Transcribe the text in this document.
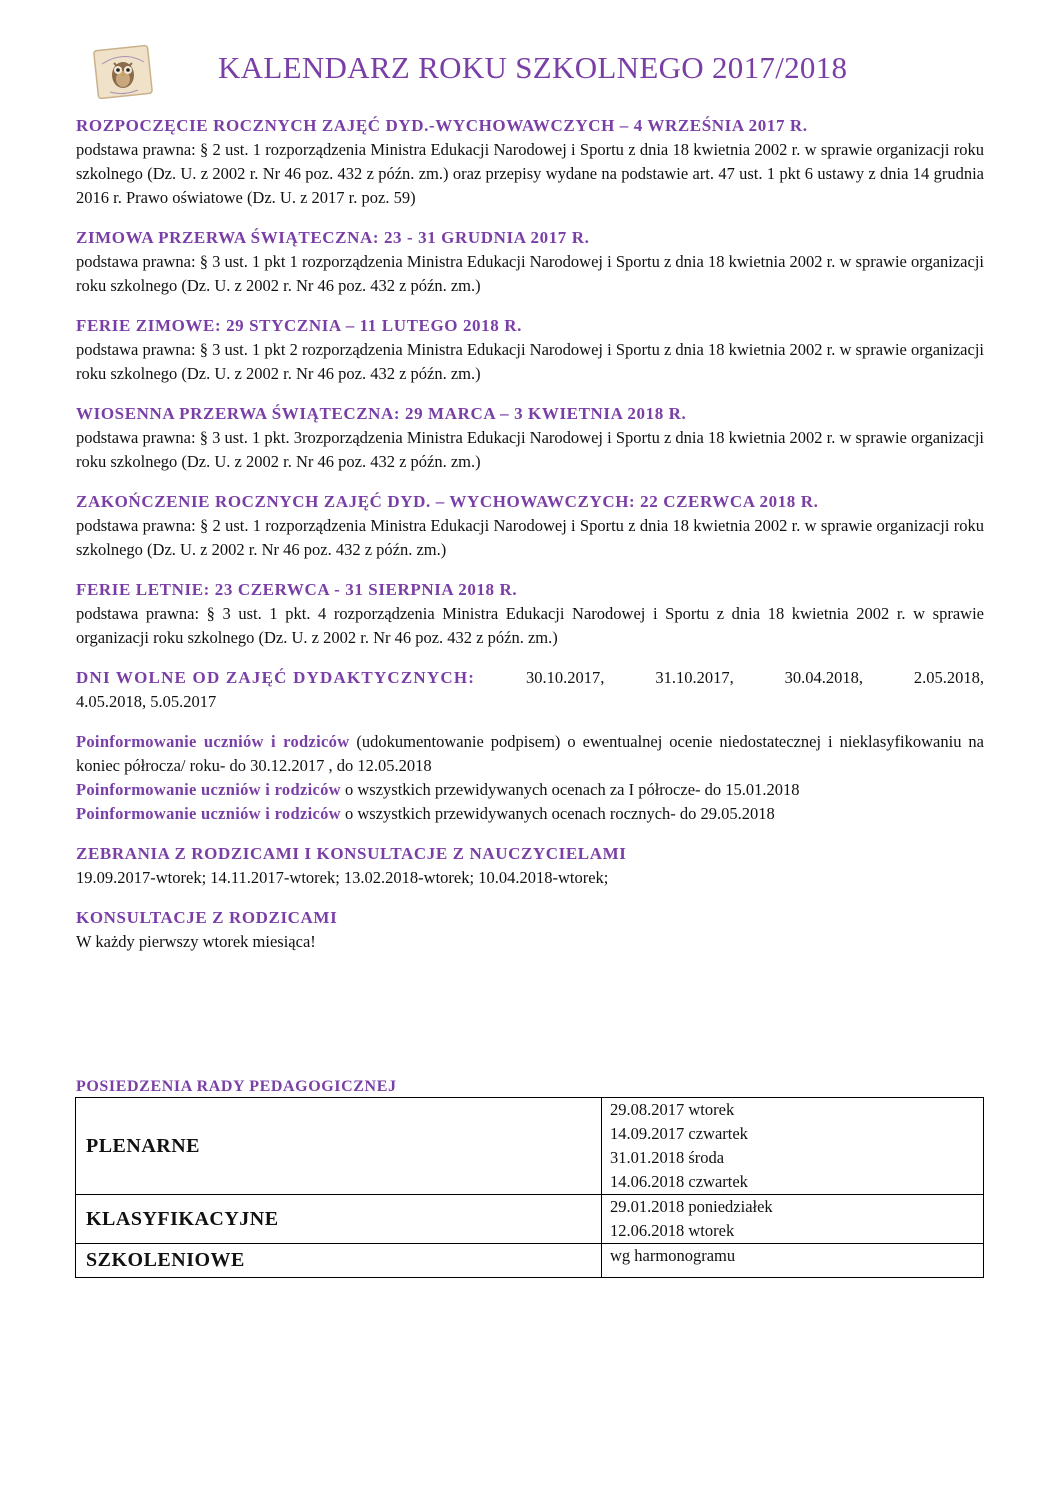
KALENDARZ ROKU SZKOLNEGO 2017/2018
ROZPOCZĘCIE ROCZNYCH ZAJĘĆ DYD.-WYCHOWAWCZYCH – 4 WRZEŚNIA 2017 R.
podstawa prawna: § 2 ust. 1 rozporządzenia Ministra Edukacji Narodowej i Sportu z dnia 18 kwietnia 2002 r. w sprawie organizacji roku szkolnego (Dz. U. z 2002 r. Nr 46 poz. 432 z późn. zm.) oraz przepisy wydane na podstawie art. 47 ust. 1 pkt 6 ustawy z dnia 14 grudnia 2016 r. Prawo oświatowe (Dz. U. z 2017 r. poz. 59)
ZIMOWA PRZERWA ŚWIĄTECZNA: 23 - 31 GRUDNIA 2017 R.
podstawa prawna: § 3 ust. 1 pkt 1 rozporządzenia Ministra Edukacji Narodowej i Sportu z dnia 18 kwietnia 2002 r. w sprawie organizacji roku szkolnego (Dz. U. z 2002 r. Nr 46 poz. 432 z późn. zm.)
FERIE ZIMOWE: 29 STYCZNIA – 11 LUTEGO 2018 R.
podstawa prawna: § 3 ust. 1 pkt 2 rozporządzenia Ministra Edukacji Narodowej i Sportu z dnia 18 kwietnia 2002 r. w sprawie organizacji roku szkolnego (Dz. U. z 2002 r. Nr 46 poz. 432 z późn. zm.)
WIOSENNA PRZERWA ŚWIĄTECZNA: 29 MARCA – 3 KWIETNIA 2018 R.
podstawa prawna: § 3 ust. 1 pkt. 3rozporządzenia Ministra Edukacji Narodowej i Sportu z dnia 18 kwietnia 2002 r. w sprawie organizacji roku szkolnego (Dz. U. z 2002 r. Nr 46 poz. 432 z późn. zm.)
ZAKOŃCZENIE ROCZNYCH ZAJĘĆ DYD. – WYCHOWAWCZYCH: 22 CZERWCA 2018 R.
podstawa prawna: § 2 ust. 1 rozporządzenia Ministra Edukacji Narodowej i Sportu z dnia 18 kwietnia 2002 r. w sprawie organizacji roku szkolnego (Dz. U. z 2002 r. Nr 46 poz. 432 z późn. zm.)
FERIE LETNIE: 23 CZERWCA - 31 SIERPNIA 2018 R.
podstawa prawna: § 3 ust. 1 pkt. 4 rozporządzenia Ministra Edukacji Narodowej i Sportu z dnia 18 kwietnia 2002 r. w sprawie organizacji roku szkolnego (Dz. U. z 2002 r. Nr 46 poz. 432 z późn. zm.)
DNI WOLNE OD ZAJĘĆ DYDAKTYCZNYCH:	30.10.2017,	31.10.2017,	30.04.2018,	2.05.2018,
4.05.2018, 5.05.2017
Poinformowanie uczniów i rodziców (udokumentowanie podpisem) o ewentualnej ocenie niedostatecznej i nieklasyfikowaniu na koniec półrocza/ roku- do 30.12.2017 , do 12.05.2018
Poinformowanie uczniów i rodziców o wszystkich przewidywanych ocenach za I półrocze- do 15.01.2018
Poinformowanie uczniów i rodziców o wszystkich przewidywanych ocenach rocznych- do 29.05.2018
ZEBRANIA Z RODZICAMI I KONSULTACJE Z NAUCZYCIELAMI
19.09.2017-wtorek; 14.11.2017-wtorek; 13.02.2018-wtorek; 10.04.2018-wtorek;
KONSULTACJE Z RODZICAMI
W każdy pierwszy wtorek miesiąca!
POSIEDZENIA RADY PEDAGOGICZNEJ
PLENARNE	29.08.2017 wtorek
14.09.2017 czwartek
31.01.2018 środa
14.06.2018 czwartek

KLASYFIKACYJNE	29.01.2018 poniedziałek
12.06.2018 wtorek

SZKOLENIOWE	wg harmonogramu
